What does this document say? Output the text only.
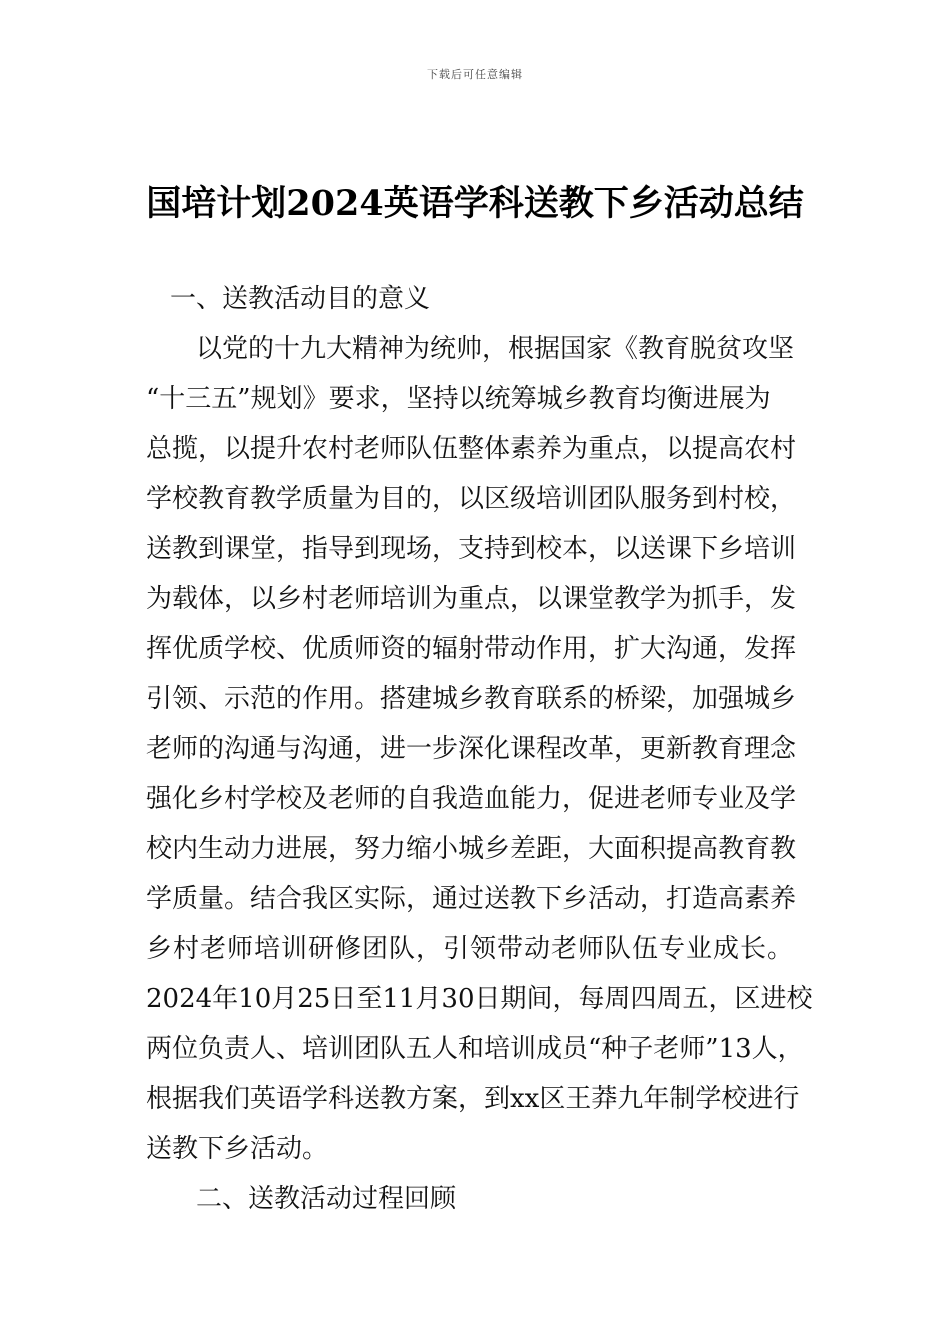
下载后可任意编辑
国培计划2024英语学科送教下乡活动总结
一、送教活动目的意义
以党的十九大精神为统帅，根据国家《教育脱贫攻坚
“十三五”规划》要求，坚持以统筹城乡教育均衡进展为
总揽，以提升农村老师队伍整体素养为重点，以提高农村
学校教育教学质量为目的，以区级培训团队服务到村校，
送教到课堂，指导到现场，支持到校本，以送课下乡培训
为载体，以乡村老师培训为重点，以课堂教学为抓手，发
挥优质学校、优质师资的辐射带动作用，扩大沟通，发挥
引领、示范的作用。搭建城乡教育联系的桥梁，加强城乡
老师的沟通与沟通，进一步深化课程改革，更新教育理念
强化乡村学校及老师的自我造血能力，促进老师专业及学
校内生动力进展，努力缩小城乡差距，大面积提高教育教
学质量。结合我区实际，通过送教下乡活动，打造高素养
乡村老师培训研修团队，引领带动老师队伍专业成长。
2024年10月25日至11月30日期间，每周四周五，区进校
两位负责人、培训团队五人和培训成员“种子老师”13人，
根据我们英语学科送教方案，到xx区王莽九年制学校进行
送教下乡活动。
二、送教活动过程回顾
